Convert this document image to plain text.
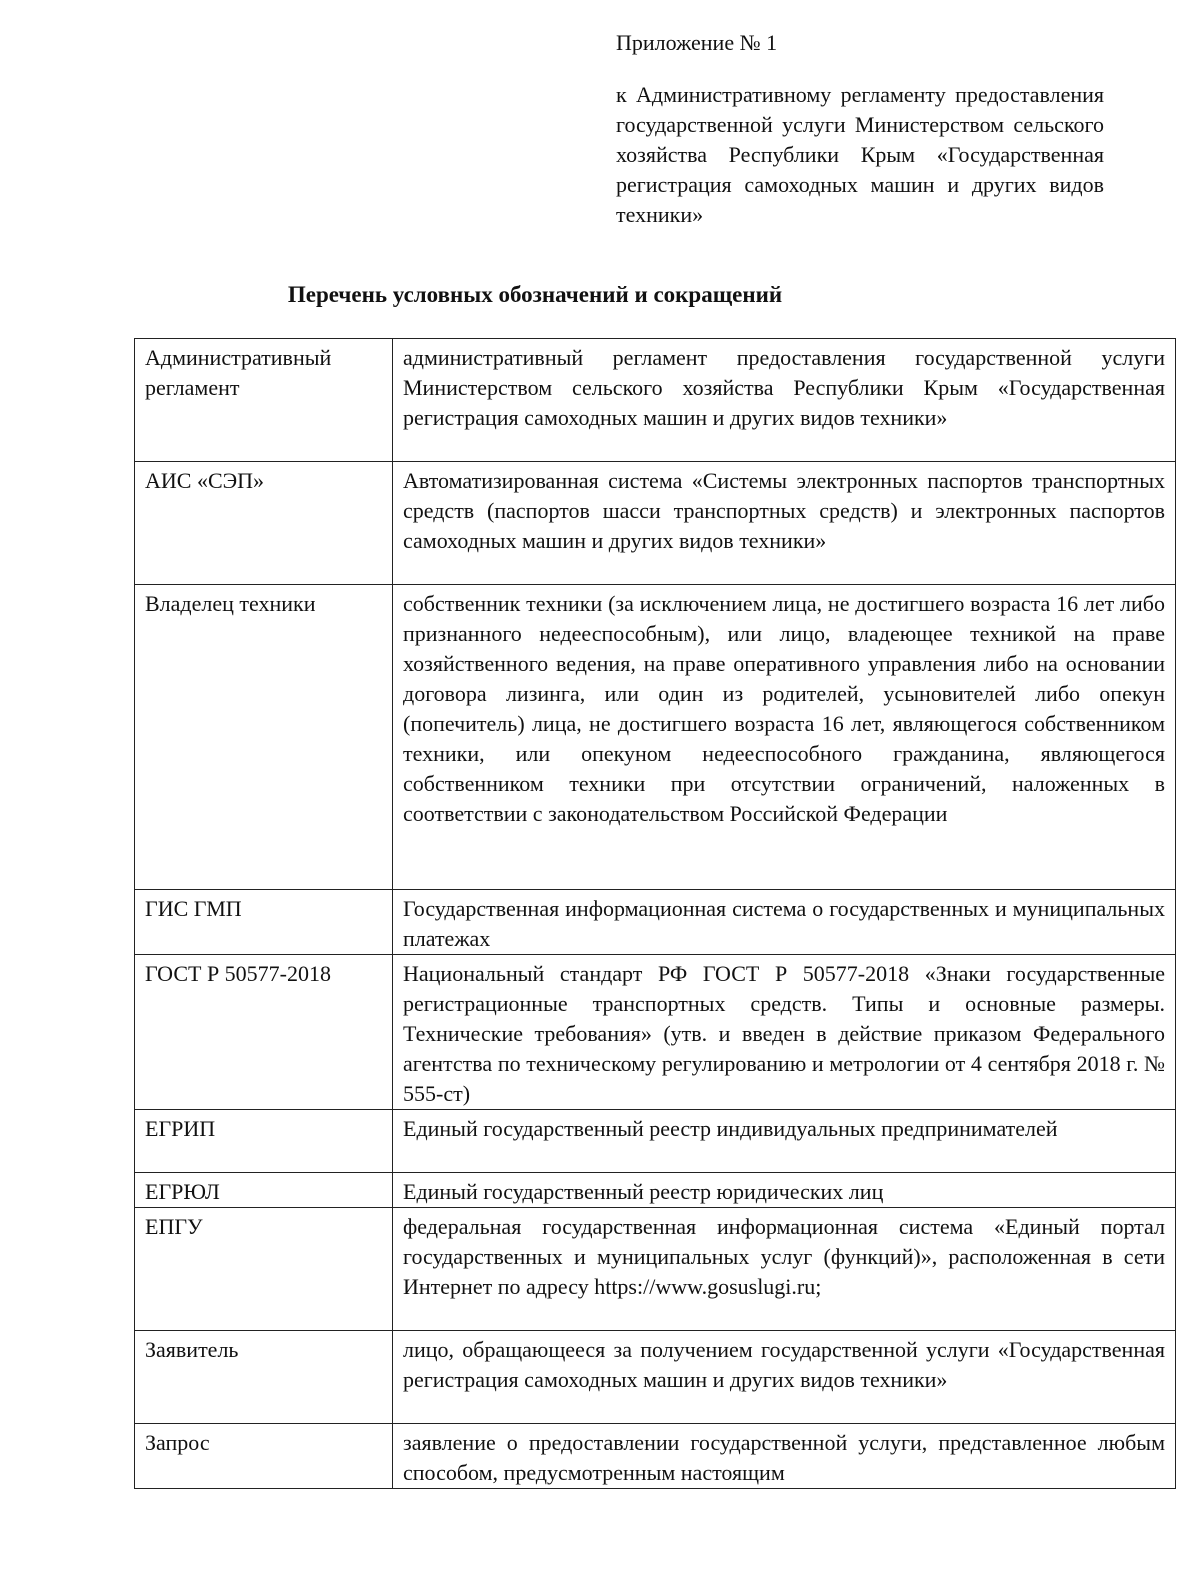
Приложение № 1

к Административному регламенту предоставления государственной услуги Министерством сельского хозяйства Республики Крым «Государственная регистрация самоходных машин и других видов техники»

Перечень условных обозначений и сокращений
Административный регламент	административный регламент предоставления государственной услуги Министерством сельского хозяйства Республики Крым «Государственная регистрация самоходных машин и других видов техники»
АИС «СЭП»	Автоматизированная система «Системы электронных паспортов транспортных средств (паспортов шасси транспортных средств) и электронных паспортов самоходных машин и других видов техники»
Владелец техники	собственник техники (за исключением лица, не достигшего возраста 16 лет либо признанного недееспособным), или лицо, владеющее техникой на праве хозяйственного ведения, на праве оперативного управления либо на основании договора лизинга, или один из родителей, усыновителей либо опекун (попечитель) лица, не достигшего возраста 16 лет, являющегося собственником техники, или опекуном недееспособного гражданина, являющегося собственником техники при отсутствии ограничений, наложенных в соответствии с законодательством Российской Федерации
ГИС ГМП	Государственная информационная система о государственных и муниципальных платежах
ГОСТ Р 50577-2018	Национальный стандарт РФ ГОСТ Р 50577-2018 «Знаки государственные регистрационные транспортных средств. Типы и основные размеры. Технические требования» (утв. и введен в действие приказом Федерального агентства по техническому регулированию и метрологии от 4 сентября 2018 г. № 555-ст)
ЕГРИП	Единый государственный реестр индивидуальных предпринимателей
ЕГРЮЛ	Единый государственный реестр юридических лиц
ЕПГУ	федеральная государственная информационная система «Единый портал государственных и муниципальных услуг (функций)», расположенная в сети Интернет по адресу https://www.gosuslugi.ru;
Заявитель	лицо, обращающееся за получением государственной услуги «Государственная регистрация самоходных машин и других видов техники»
Запрос	заявление о предоставлении государственной услуги, представленное любым способом, предусмотренным настоящим
